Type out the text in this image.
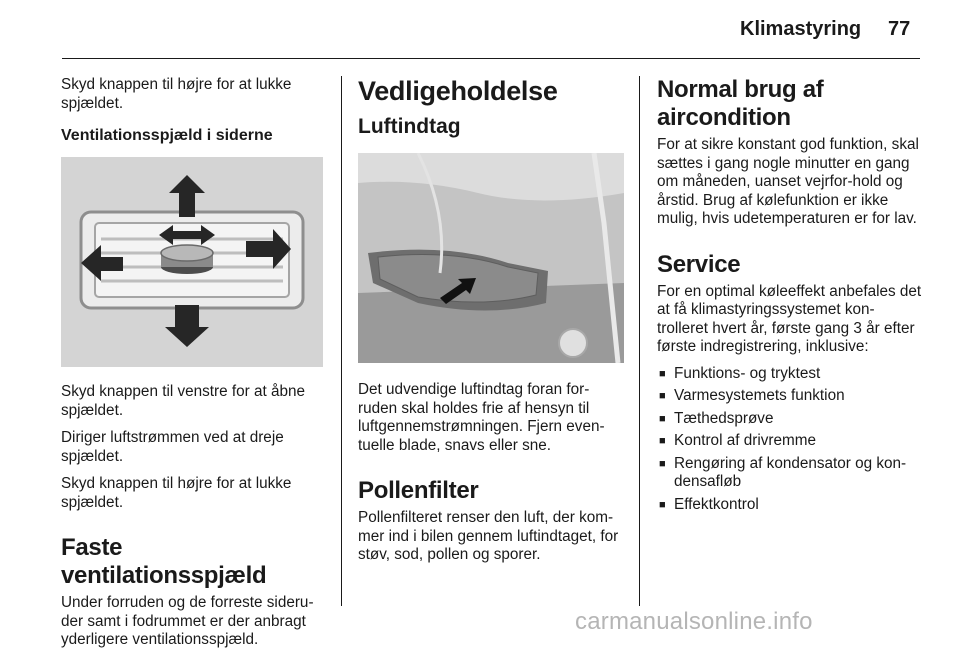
Klimastyring 77

Skyd knappen til højre for at lukke spjældet.

Ventilationsspjæld i siderne

Skyd knappen til venstre for at åbne spjældet.

Diriger luftstrømmen ved at dreje spjældet.

Skyd knappen til højre for at lukke spjældet.

Faste ventilationsspjæld

Under forruden og de forreste sideru-der samt i fodrummet er der anbragt yderligere ventilationsspjæld.

Vedligeholdelse
Luftindtag

Det udvendige luftindtag foran for-ruden skal holdes frie af hensyn til luftgennemstrømningen. Fjern even-tuelle blade, snavs eller sne.

Pollenfilter

Pollenfilteret renser den luft, der kom-mer ind i bilen gennem luftindtaget, for støv, sod, pollen og sporer.

Normal brug af aircondition

For at sikre konstant god funktion, skal sættes i gang nogle minutter en gang om måneden, uanset vejrfor-hold og årstid. Brug af kølefunktion er ikke mulig, hvis udetemperaturen er for lav.

Service

For en optimal køleeffekt anbefales det at få klimastyringssystemet kon-trolleret hvert år, første gang 3 år efter første indregistrering, inklusive:

■ Funktions- og tryktest
■ Varmesystemets funktion
■ Tæthedsprøve
■ Kontrol af drivremme
■ Rengøring af kondensator og kon-densafløb
■ Effektkontrol
carmanualsonline.info
